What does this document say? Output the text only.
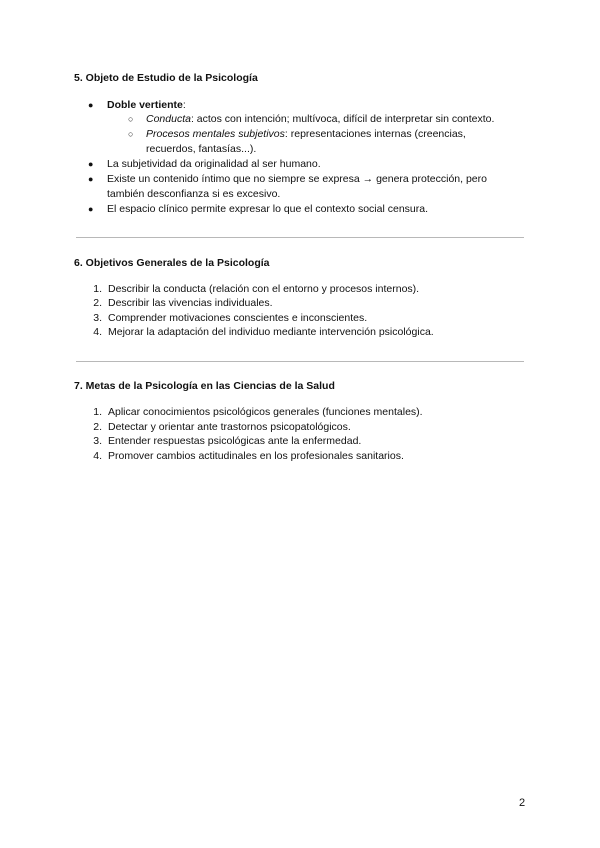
5. Objeto de Estudio de la Psicología
● Doble vertiente:
○ Conducta: actos con intención; multívoca, difícil de interpretar sin contexto.
○ Procesos mentales subjetivos: representaciones internas (creencias,
recuerdos, fantasías...).
● La subjetividad da originalidad al ser humano.
● Existe un contenido íntimo que no siempre se expresa → genera protección, pero
también desconfianza si es excesivo.
● El espacio clínico permite expresar lo que el contexto social censura.
6. Objetivos Generales de la Psicología
1. Describir la conducta (relación con el entorno y procesos internos).
2. Describir las vivencias individuales.
3. Comprender motivaciones conscientes e inconscientes.
4. Mejorar la adaptación del individuo mediante intervención psicológica.
7. Metas de la Psicología en las Ciencias de la Salud
1. Aplicar conocimientos psicológicos generales (funciones mentales).
2. Detectar y orientar ante trastornos psicopatológicos.
3. Entender respuestas psicológicas ante la enfermedad.
4. Promover cambios actitudinales en los profesionales sanitarios.
2
